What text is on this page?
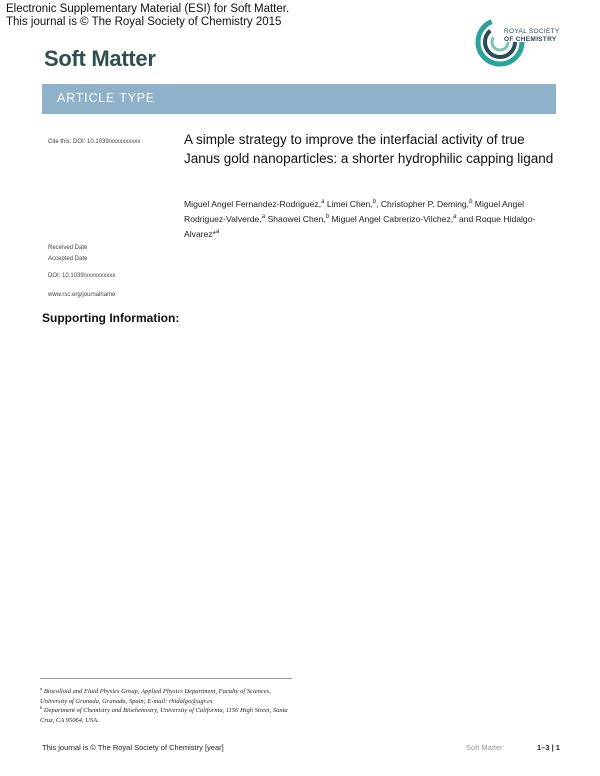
Electronic Supplementary Material (ESI) for Soft Matter.
This journal is © The Royal Society of Chemistry 2015
Soft Matter
ROYAL SOCIETY
OF CHEMISTRY
ARTICLE TYPE
Cite this: DOI: 10.1039/xxxxxxxxxx
Received Date
Accepted Date
DOI: 10.1039/xxxxxxxxxx
www.rsc.org/journalname
A simple strategy to improve the interfacial activity of true Janus gold nanoparticles: a shorter hydrophilic capping ligand
Miguel Angel Fernandez-Rodriguez,$^a$ Limei Chen,$^b$, Christopher P. Deming,$^b$ Miguel Angel Rodriguez-Valverde,$^a$ Shaowei Chen,$^b$ Miguel Angel Cabrerizo-Vilchez,$^a$ and Roque Hidalgo-Alvarez*$^a$
Supporting Information:
$^a$ Biocolloid and Fluid Physics Group, Applied Physics Department, Faculty of Sciences, University of Granada, Granada, Spain; E-mail: rhidalgo@ugr.es
$^b$ Department of Chemistry and Biochemistry, University of California, 1156 High Street, Santa Cruz, CA 95064, USA.
This journal is © The Royal Society of Chemistry [year]	Soft Matter	1–3 | 1
